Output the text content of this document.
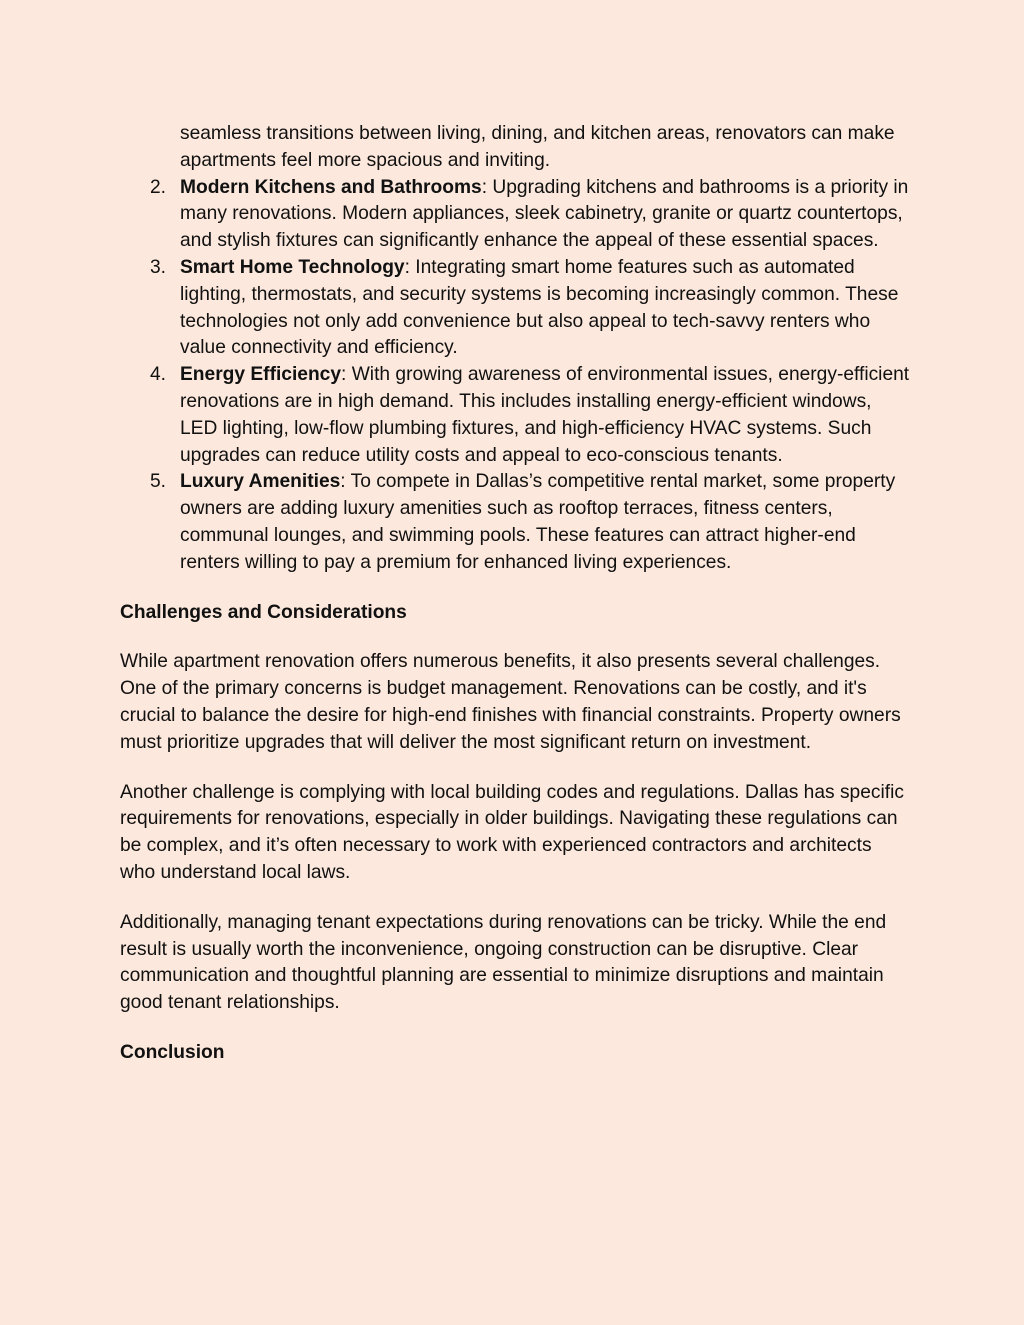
seamless transitions between living, dining, and kitchen areas, renovators can make apartments feel more spacious and inviting.

2. Modern Kitchens and Bathrooms: Upgrading kitchens and bathrooms is a priority in many renovations. Modern appliances, sleek cabinetry, granite or quartz countertops, and stylish fixtures can significantly enhance the appeal of these essential spaces.
3. Smart Home Technology: Integrating smart home features such as automated lighting, thermostats, and security systems is becoming increasingly common. These technologies not only add convenience but also appeal to tech-savvy renters who value connectivity and efficiency.
4. Energy Efficiency: With growing awareness of environmental issues, energy-efficient renovations are in high demand. This includes installing energy-efficient windows, LED lighting, low-flow plumbing fixtures, and high-efficiency HVAC systems. Such upgrades can reduce utility costs and appeal to eco-conscious tenants.
5. Luxury Amenities: To compete in Dallas’s competitive rental market, some property owners are adding luxury amenities such as rooftop terraces, fitness centers, communal lounges, and swimming pools. These features can attract higher-end renters willing to pay a premium for enhanced living experiences.
Challenges and Considerations

While apartment renovation offers numerous benefits, it also presents several challenges. One of the primary concerns is budget management. Renovations can be costly, and it's crucial to balance the desire for high-end finishes with financial constraints. Property owners must prioritize upgrades that will deliver the most significant return on investment.

Another challenge is complying with local building codes and regulations. Dallas has specific requirements for renovations, especially in older buildings. Navigating these regulations can be complex, and it’s often necessary to work with experienced contractors and architects who understand local laws.

Additionally, managing tenant expectations during renovations can be tricky. While the end result is usually worth the inconvenience, ongoing construction can be disruptive. Clear communication and thoughtful planning are essential to minimize disruptions and maintain good tenant relationships.

Conclusion
